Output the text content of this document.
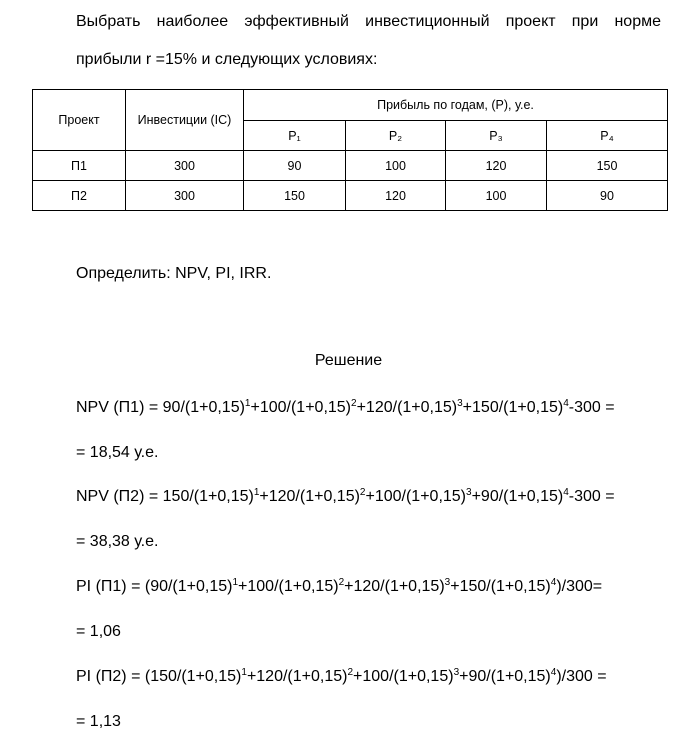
Выбрать наиболее эффективный инвестиционный проект при норме
прибыли r =15% и следующих условиях:
Проект	Инвестиции (IC)	Прибыль по годам, (P), у.е.			
		P₁	P₂	P₃	P₄
П1	300	90	100	120	150
П2	300	150	120	100	90
Определить: NPV, PI, IRR.
Решение
NPV $(П1) = 90/(1+0,15)^1+100/(1+0,15)^2+120/(1+0,15)^3+150/(1+0,15)^4-300$ =
= 18,54 у.е.
NPV $(П2) = 150/(1+0,15)^1+120/(1+0,15)^2+100/(1+0,15)^3+90/(1+0,15)^4-300$ =
= 38,38 у.е.
PI $(П1) = (90/(1+0,15)^1+100/(1+0,15)^2+120/(1+0,15)^3+150/(1+0,15)^4)/300=$
= 1,06
PI $(П2) = (150/(1+0,15)^1+120/(1+0,15)^2+100/(1+0,15)^3+90/(1+0,15)^4)/300$ =
= 1,13
